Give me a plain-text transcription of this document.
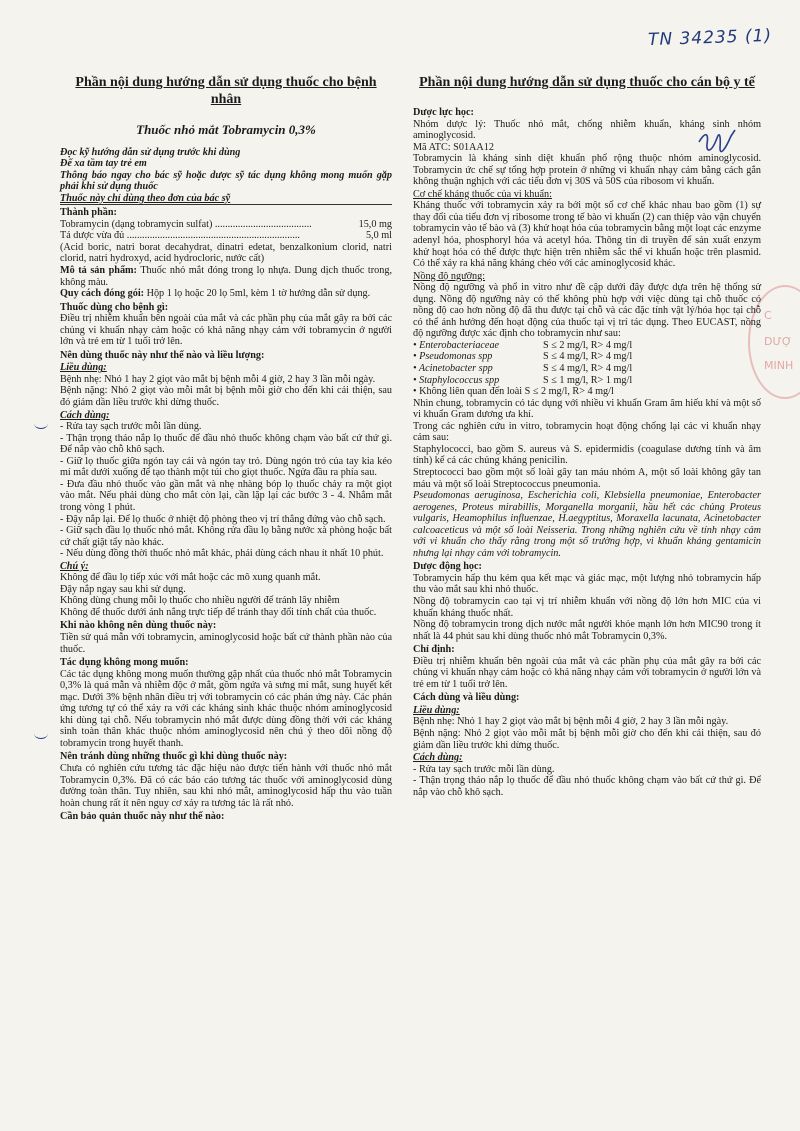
TN 34235 (1)
C
DƯỢ
MINH
Phần nội dung hướng dẫn sử dụng thuốc cho bệnh nhân
Thuốc nhỏ mắt Tobramycin 0,3%

Đọc kỹ hướng dẫn sử dụng trước khi dùng

Để xa tầm tay trẻ em

Thông báo ngay cho bác sỹ hoặc dược sỹ tác dụng không mong muốn gặp phải khi sử dụng thuốc

Thuốc này chỉ dùng theo đơn của bác sỹ

Thành phần:

Tobramycin (dạng tobramycin sulfat) ......................................	15,0 mg
Tá dược vừa đủ ....................................................................	5,0 ml

(Acid boric, natri borat decahydrat, dinatri edetat, benzalkonium clorid, natri clorid, natri hydroxyd, acid hydrocloric, nước cất)

Mô tả sản phẩm: Thuốc nhỏ mắt đóng trong lọ nhựa. Dung dịch thuốc trong, không màu.

Quy cách đóng gói: Hộp 1 lọ hoặc 20 lọ 5ml, kèm 1 tờ hướng dẫn sử dụng.

Thuốc dùng cho bệnh gì:

Điều trị nhiễm khuẩn bên ngoài của mắt và các phần phụ của mắt gây ra bởi các chủng vi khuẩn nhạy cảm hoặc có khả năng nhạy cảm với tobramycin ở người lớn và trẻ em từ 1 tuổi trở lên.

Nên dùng thuốc này như thế nào và liều lượng:

Liều dùng:

Bệnh nhẹ: Nhỏ 1 hay 2 giọt vào mắt bị bệnh mỗi 4 giờ, 2 hay 3 lần mỗi ngày.

Bệnh nặng: Nhỏ 2 giọt vào mỗi mắt bị bệnh mỗi giờ cho đến khi cải thiện, sau đó giảm dần liều trước khi dừng thuốc.

Cách dùng:

- Rửa tay sạch trước mỗi lần dùng.

- Thận trọng tháo nắp lọ thuốc để đầu nhỏ thuốc không chạm vào bất cứ thứ gì. Để nắp vào chỗ khô sạch.

- Giữ lọ thuốc giữa ngón tay cái và ngón tay trỏ. Dùng ngón trỏ của tay kia kéo mí mắt dưới xuống để tạo thành một túi cho giọt thuốc. Ngửa đầu ra phía sau.

- Đưa đầu nhỏ thuốc vào gần mắt và nhẹ nhàng bóp lọ thuốc chảy ra một giọt vào mắt. Nếu phải dùng cho mắt còn lại, cần lặp lại các bước 3 - 4. Nhắm mắt trong vòng 1 phút.

- Đậy nắp lại. Để lọ thuốc ở nhiệt độ phòng theo vị trí thẳng đứng vào chỗ sạch.

- Giữ sạch đầu lọ thuốc nhỏ mắt. Không rửa đầu lọ bằng nước xà phòng hoặc bất cứ chất giặt tẩy nào khác.

- Nếu dùng đồng thời thuốc nhỏ mắt khác, phải dùng cách nhau ít nhất 10 phút.

Chú ý:

Không để đầu lọ tiếp xúc với mắt hoặc các mô xung quanh mắt.

Đậy nắp ngay sau khi sử dụng.

Không dùng chung mỗi lọ thuốc cho nhiều người để tránh lây nhiễm

Không để thuốc dưới ánh nắng trực tiếp để tránh thay đổi tính chất của thuốc.

Khi nào không nên dùng thuốc này:

Tiền sử quá mẫn với tobramycin, aminoglycosid hoặc bất cứ thành phần nào của thuốc.

Tác dụng không mong muốn:

Các tác dụng không mong muốn thường gặp nhất của thuốc nhỏ mắt Tobramycin 0,3% là quá mẫn và nhiễm độc ở mắt, gồm ngứa và sưng mí mắt, sung huyết kết mạc. Dưới 3% bệnh nhân điều trị với tobramycin có các phản ứng này. Các phản ứng tương tự có thể xảy ra với các kháng sinh khác thuộc nhóm aminoglycosid khi dùng tại chỗ. Nếu tobramycin nhỏ mắt được dùng đồng thời với các kháng sinh toàn thân khác thuộc nhóm aminoglycosid nên chú ý theo dõi nồng độ tobramycin trong huyết thanh.

Nên tránh dùng những thuốc gì khi dùng thuốc này:

Chưa có nghiên cứu tương tác đặc hiệu nào được tiến hành với thuốc nhỏ mắt Tobramycin 0,3%. Đã có các báo cáo tương tác thuốc với aminoglycosid dùng đường toàn thân. Tuy nhiên, sau khi nhỏ mắt, aminoglycosid hấp thu vào tuần hoàn chung rất ít nên nguy cơ xảy ra tương tác là rất nhỏ.

Cần bảo quản thuốc này như thế nào:

Phần nội dung hướng dẫn sử dụng thuốc cho cán bộ y tế

Dược lực học:

Nhóm dược lý: Thuốc nhỏ mắt, chống nhiễm khuẩn, kháng sinh nhóm aminoglycosid.

Mã ATC: S01AA12

Tobramycin là kháng sinh diệt khuẩn phổ rộng thuộc nhóm aminoglycosid. Tobramycin ức chế sự tổng hợp protein ở những vi khuẩn nhạy cảm bằng cách gắn không thuận nghịch với các tiểu đơn vị 30S và 50S của ribosom vi khuẩn.

Cơ chế kháng thuốc của vi khuẩn:

Kháng thuốc với tobramycin xảy ra bởi một số cơ chế khác nhau bao gồm (1) sự thay đổi của tiểu đơn vị ribosome trong tế bào vi khuẩn (2) can thiệp vào vận chuyển tobramycin vào tế bào và (3) khử hoạt hóa của tobramycin bằng một loạt các enzyme adenyl hóa, phosphoryl hóa và acetyl hóa. Thông tin di truyền để sản xuất enzym khử hoạt hóa có thể được thực hiện trên nhiễm sắc thể vi khuẩn hoặc trên plasmid. Có thể xảy ra khả năng kháng chéo với các aminoglycosid khác.

Nồng độ ngưỡng:

Nồng độ ngưỡng và phổ in vitro như đề cập dưới đây được dựa trên hệ thống sử dụng. Nồng độ ngưỡng này có thể không phù hợp với việc dùng tại chỗ thuốc có nồng độ cao hơn nồng độ đã thu được tại chỗ và các đặc tính vật lý/hóa học tại chỗ có thể ảnh hưởng đến hoạt động của thuốc tại vị trí tác dụng. Theo EUCAST, nồng độ ngưỡng được xác định cho tobramycin như sau:

• Enterobacteriaceae	S ≤ 2 mg/l, R> 4 mg/l
• Pseudomonas spp	S ≤ 4 mg/l, R> 4 mg/l
• Acinetobacter spp	S ≤ 4 mg/l, R> 4 mg/l
• Staphylococcus spp	S ≤ 1 mg/l, R> 1 mg/l

• Không liên quan đến loài S ≤ 2 mg/l, R> 4 mg/l

Nhìn chung, tobramycin có tác dụng với nhiều vi khuẩn Gram âm hiếu khí và một số vi khuẩn Gram dương ưa khí.

Trong các nghiên cứu in vitro, tobramycin hoạt động chống lại các vi khuẩn nhạy cảm sau:

Staphylococci, bao gồm S. aureus và S. epidermidis (coagulase dương tính và âm tính) kể cả các chủng kháng penicilin.

Streptococci bao gồm một số loài gây tan máu nhóm A, một số loài không gây tan máu và một số loài Streptococcus pneumonia.

Pseudomonas aeruginosa, Escherichia coli, Klebsiella pneumoniae, Enterobacter aerogenes, Proteus mirabillis, Morganella morganii, hầu hết các chủng Proteus vulgaris, Heamophilus influenzae, H.aegyptitus, Moraxella lacunata, Acinetobacter calcoaceticus và một số loài Neisseria. Trong những nghiên cứu về tính nhạy cảm với vi khuẩn cho thấy rằng trong một số trường hợp, vi khuẩn kháng gentamicin nhưng lại nhạy cảm với tobramycin.

Dược động học:

Tobramycin hấp thu kém qua kết mạc và giác mạc, một lượng nhỏ tobramycin hấp thu vào mắt sau khi nhỏ thuốc.

Nồng độ tobramycin cao tại vị trí nhiễm khuẩn với nồng độ lớn hơn MIC của vi khuẩn kháng thuốc nhất.

Nồng độ tobramycin trong dịch nước mắt người khỏe mạnh lớn hơn MIC90 trong ít nhất là 44 phút sau khi dùng thuốc nhỏ mắt Tobramycin 0,3%.

Chỉ định:

Điều trị nhiễm khuẩn bên ngoài của mắt và các phần phụ của mắt gây ra bởi các chủng vi khuẩn nhạy cảm hoặc có khả năng nhạy cảm với tobramycin ở người lớn và trẻ em từ 1 tuổi trở lên.

Cách dùng và liều dùng:

Liều dùng:

Bệnh nhẹ: Nhỏ 1 hay 2 giọt vào mắt bị bệnh mỗi 4 giờ, 2 hay 3 lần mỗi ngày.

Bệnh nặng: Nhỏ 2 giọt vào mỗi mắt bị bệnh mỗi giờ cho đến khi cải thiện, sau đó giảm dần liều trước khi dừng thuốc.

Cách dùng:

- Rửa tay sạch trước mỗi lần dùng.

- Thận trọng tháo nắp lọ thuốc để đầu nhỏ thuốc không chạm vào bất cứ thứ gì. Để nắp vào chỗ khô sạch.
